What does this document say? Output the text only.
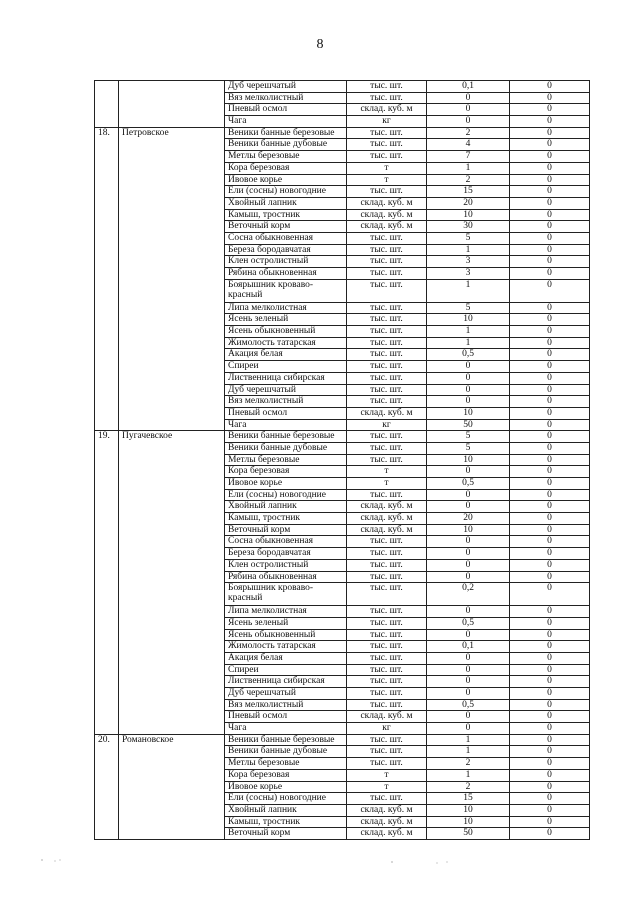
8
		Дуб черешчатый	тыс. шт.	0,1	0
		Вяз мелколистный	тыс. шт.	0	0
		Пневый осмол	склад. куб. м	0	0
		Чага	кг	0	0
18.	Петровское	Веники банные березовые	тыс. шт.	2	0
		Веники банные дубовые	тыс. шт.	4	0
		Метлы березовые	тыс. шт.	7	0
		Кора березовая	т	1	0
		Ивовое корье	т	2	0
		Ели (сосны) новогодние	тыс. шт.	15	0
		Хвойный лапник	склад. куб. м	20	0
		Камыш, тростник	склад. куб. м	10	0
		Веточный корм	склад. куб. м	30	0
		Сосна обыкновенная	тыс. шт.	5	0
		Береза бородавчатая	тыс. шт.	1	0
		Клен остролистный	тыс. шт.	3	0
		Рябина обыкновенная	тыс. шт.	3	0
		Боярышник кроваво-красный	тыс. шт.	1	0
		Липа мелколистная	тыс. шт.	5	0
		Ясень зеленый	тыс. шт.	10	0
		Ясень обыкновенный	тыс. шт.	1	0
		Жимолость татарская	тыс. шт.	1	0
		Акация белая	тыс. шт.	0,5	0
		Спиреи	тыс. шт.	0	0
		Лиственница сибирская	тыс. шт.	0	0
		Дуб черешчатый	тыс. шт.	0	0
		Вяз мелколистный	тыс. шт.	0	0
		Пневый осмол	склад. куб. м	10	0
		Чага	кг	50	0
19.	Пугачевское	Веники банные березовые	тыс. шт.	5	0
		Веники банные дубовые	тыс. шт.	5	0
		Метлы березовые	тыс. шт.	10	0
		Кора березовая	т	0	0
		Ивовое корье	т	0,5	0
		Ели (сосны) новогодние	тыс. шт.	0	0
		Хвойный лапник	склад. куб. м	0	0
		Камыш, тростник	склад. куб. м	20	0
		Веточный корм	склад. куб. м	10	0
		Сосна обыкновенная	тыс. шт.	0	0
		Береза бородавчатая	тыс. шт.	0	0
		Клен остролистный	тыс. шт.	0	0
		Рябина обыкновенная	тыс. шт.	0	0
		Боярышник кроваво-красный	тыс. шт.	0,2	0
		Липа мелколистная	тыс. шт.	0	0
		Ясень зеленый	тыс. шт.	0,5	0
		Ясень обыкновенный	тыс. шт.	0	0
		Жимолость татарская	тыс. шт.	0,1	0
		Акация белая	тыс. шт.	0	0
		Спиреи	тыс. шт.	0	0
		Лиственница сибирская	тыс. шт.	0	0
		Дуб черешчатый	тыс. шт.	0	0
		Вяз мелколистный	тыс. шт.	0,5	0
		Пневый осмол	склад. куб. м	0	0
		Чага	кг	0	0
20.	Романовское	Веники банные березовые	тыс. шт.	1	0
		Веники банные дубовые	тыс. шт.	1	0
		Метлы березовые	тыс. шт.	2	0
		Кора березовая	т	1	0
		Ивовое корье	т	2	0
		Ели (сосны) новогодние	тыс. шт.	15	0
		Хвойный лапник	склад. куб. м	10	0
		Камыш, тростник	склад. куб. м	10	0
		Веточный корм	склад. куб. м	50	0
